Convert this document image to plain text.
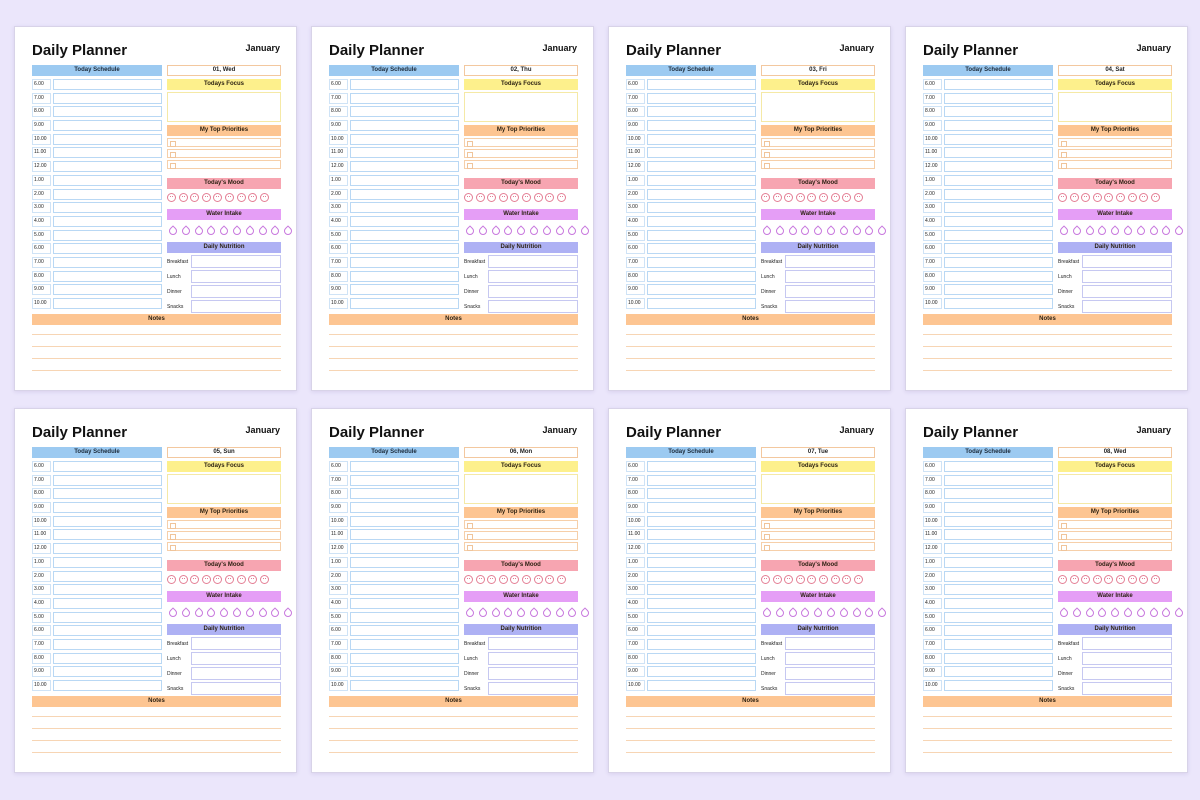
Daily Planner	January
Today Schedule
6.00
7.00
8.00
9.00
10.00
11.00
12.00
1.00
2.00
3.00
4.00
5.00
6.00
7.00
8.00
9.00
10.00
01, Wed
Todays Focus
My Top Priorities
Today's Mood
Water Intake
Daily Nutrition
Breakfast
Lunch
Dinner
Snacks
Notes
Daily Planner	January
Today Schedule
6.00
7.00
8.00
9.00
10.00
11.00
12.00
1.00
2.00
3.00
4.00
5.00
6.00
7.00
8.00
9.00
10.00
02, Thu
Todays Focus
My Top Priorities
Today's Mood
Water Intake
Daily Nutrition
Breakfast
Lunch
Dinner
Snacks
Notes
Daily Planner	January
Today Schedule
6.00
7.00
8.00
9.00
10.00
11.00
12.00
1.00
2.00
3.00
4.00
5.00
6.00
7.00
8.00
9.00
10.00
03, Fri
Todays Focus
My Top Priorities
Today's Mood
Water Intake
Daily Nutrition
Breakfast
Lunch
Dinner
Snacks
Notes
Daily Planner	January
Today Schedule
6.00
7.00
8.00
9.00
10.00
11.00
12.00
1.00
2.00
3.00
4.00
5.00
6.00
7.00
8.00
9.00
10.00
04, Sat
Todays Focus
My Top Priorities
Today's Mood
Water Intake
Daily Nutrition
Breakfast
Lunch
Dinner
Snacks
Notes
Daily Planner	January
Today Schedule
6.00
7.00
8.00
9.00
10.00
11.00
12.00
1.00
2.00
3.00
4.00
5.00
6.00
7.00
8.00
9.00
10.00
05, Sun
Todays Focus
My Top Priorities
Today's Mood
Water Intake
Daily Nutrition
Breakfast
Lunch
Dinner
Snacks
Notes
Daily Planner	January
Today Schedule
6.00
7.00
8.00
9.00
10.00
11.00
12.00
1.00
2.00
3.00
4.00
5.00
6.00
7.00
8.00
9.00
10.00
06, Mon
Todays Focus
My Top Priorities
Today's Mood
Water Intake
Daily Nutrition
Breakfast
Lunch
Dinner
Snacks
Notes
Daily Planner	January
Today Schedule
6.00
7.00
8.00
9.00
10.00
11.00
12.00
1.00
2.00
3.00
4.00
5.00
6.00
7.00
8.00
9.00
10.00
07, Tue
Todays Focus
My Top Priorities
Today's Mood
Water Intake
Daily Nutrition
Breakfast
Lunch
Dinner
Snacks
Notes
Daily Planner	January
Today Schedule
6.00
7.00
8.00
9.00
10.00
11.00
12.00
1.00
2.00
3.00
4.00
5.00
6.00
7.00
8.00
9.00
10.00
08, Wed
Todays Focus
My Top Priorities
Today's Mood
Water Intake
Daily Nutrition
Breakfast
Lunch
Dinner
Snacks
Notes
